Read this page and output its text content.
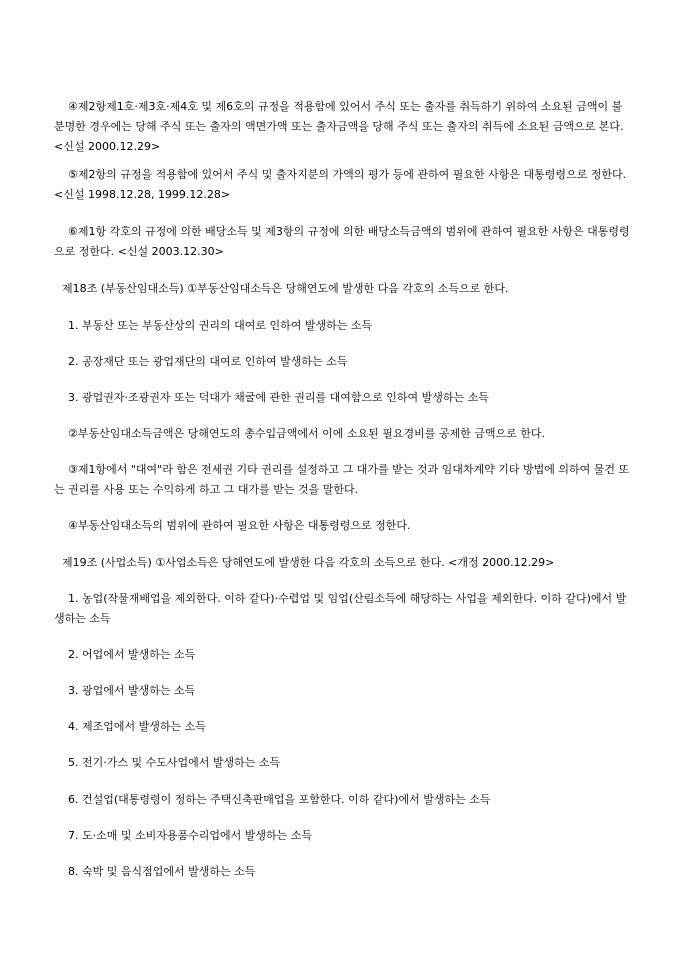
④제2항제1호·제3호·제4호 및 제6호의 규정을 적용함에 있어서 주식 또는 출자를 취득하기 위하여 소요된 금액이 불분명한 경우에는 당해 주식 또는 출자의 액면가액 또는 출자금액을 당해 주식 또는 출자의 취득에 소요된 금액으로 본다. <신설 2000.12.29>

⑤제2항의 규정을 적용함에 있어서 주식 및 출자지분의 가액의 평가 등에 관하여 필요한 사항은 대통령령으로 정한다.<신설 1998.12.28, 1999.12.28>

⑥제1항 각호의 규정에 의한 배당소득 및 제3항의 규정에 의한 배당소득금액의 범위에 관하여 필요한 사항은 대통령령으로 정한다. <신설 2003.12.30>

제18조 (부동산임대소득) ①부동산임대소득은 당해연도에 발생한 다음 각호의 소득으로 한다.

1. 부동산 또는 부동산상의 권리의 대여로 인하여 발생하는 소득

2. 공장재단 또는 광업재단의 대여로 인하여 발생하는 소득

3. 광업권자·조광권자 또는 덕대가 채굴에 관한 권리를 대여함으로 인하여 발생하는 소득

②부동산임대소득금액은 당해연도의 총수입금액에서 이에 소요된 필요경비를 공제한 금액으로 한다.

③제1항에서 "대여"라 함은 전세권 기타 권리를 설정하고 그 대가를 받는 것과 임대차계약 기타 방법에 의하여 물건 또는 권리를 사용 또는 수익하게 하고 그 대가를 받는 것을 말한다.

④부동산임대소득의 범위에 관하여 필요한 사항은 대통령령으로 정한다.

제19조 (사업소득) ①사업소득은 당해연도에 발생한 다음 각호의 소득으로 한다. <개정 2000.12.29>

1. 농업(작물재배업을 제외한다. 이하 같다)·수렵업 및 임업(산림소득에 해당하는 사업을 제외한다. 이하 같다)에서 발생하는 소득

2. 어업에서 발생하는 소득

3. 광업에서 발생하는 소득

4. 제조업에서 발생하는 소득

5. 전기·가스 및 수도사업에서 발생하는 소득

6. 건설업(대통령령이 정하는 주택신축판매업을 포함한다. 이하 같다)에서 발생하는 소득

7. 도·소매 및 소비자용품수리업에서 발생하는 소득

8. 숙박 및 음식점업에서 발생하는 소득
